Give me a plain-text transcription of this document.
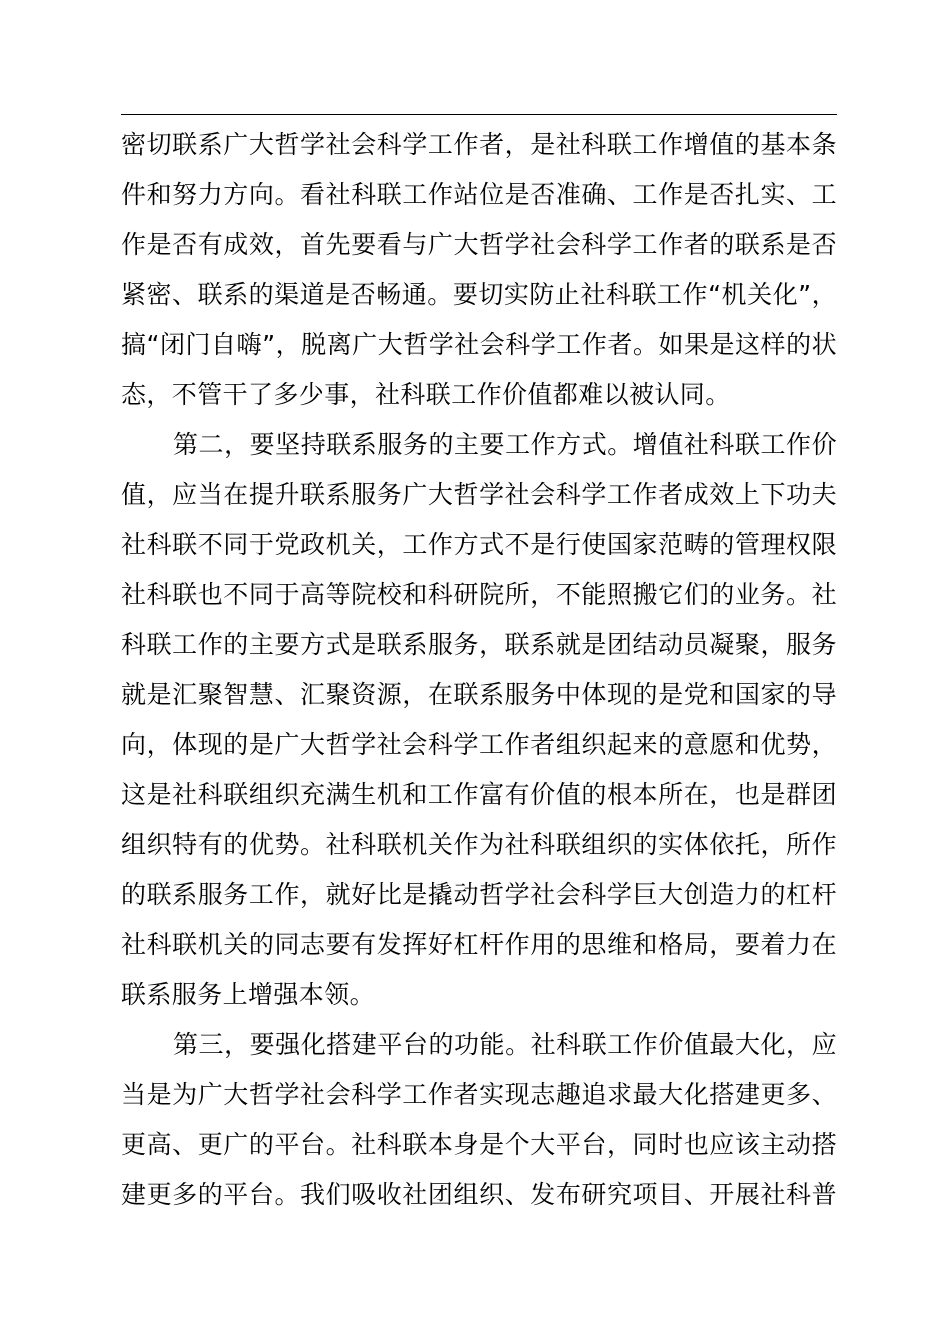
密切联系广大哲学社会科学工作者，是社科联工作增值的基本条
件和努力方向。看社科联工作站位是否准确、工作是否扎实、工
作是否有成效，首先要看与广大哲学社会科学工作者的联系是否
紧密、联系的渠道是否畅通。要切实防止社科联工作“机关化”，
搞“闭门自嗨”，脱离广大哲学社会科学工作者。如果是这样的状
态，不管干了多少事，社科联工作价值都难以被认同。
第二，要坚持联系服务的主要工作方式。增值社科联工作价
值，应当在提升联系服务广大哲学社会科学工作者成效上下功夫
社科联不同于党政机关，工作方式不是行使国家范畴的管理权限
社科联也不同于高等院校和科研院所，不能照搬它们的业务。社
科联工作的主要方式是联系服务，联系就是团结动员凝聚，服务
就是汇聚智慧、汇聚资源，在联系服务中体现的是党和国家的导
向，体现的是广大哲学社会科学工作者组织起来的意愿和优势，
这是社科联组织充满生机和工作富有价值的根本所在，也是群团
组织特有的优势。社科联机关作为社科联组织的实体依托，所作
的联系服务工作，就好比是撬动哲学社会科学巨大创造力的杠杆
社科联机关的同志要有发挥好杠杆作用的思维和格局，要着力在
联系服务上增强本领。
第三，要强化搭建平台的功能。社科联工作价值最大化，应
当是为广大哲学社会科学工作者实现志趣追求最大化搭建更多、
更高、更广的平台。社科联本身是个大平台，同时也应该主动搭
建更多的平台。我们吸收社团组织、发布研究项目、开展社科普
